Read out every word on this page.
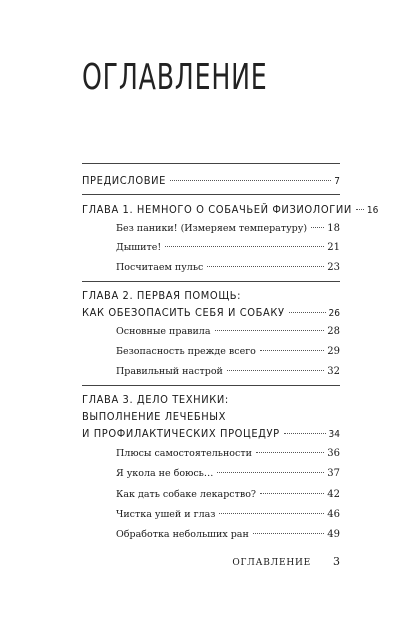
ОГЛАВЛЕНИЕ
ПРЕДИСЛОВИЕ	7
ГЛАВА 1. НЕМНОГО О СОБАЧЬЕЙ ФИЗИОЛОГИИ 16
Без паники! (Измеряем температуру) 18
Дышите!	21
Посчитаем пульс	23
ГЛАВА 2. ПЕРВАЯ ПОМОЩЬ:
КАК ОБЕЗОПАСИТЬ СЕБЯ И СОБАКУ	26
Основные правила	28
Безопасность прежде всего	29
Правильный настрой	32
ГЛАВА 3. ДЕЛО ТЕХНИКИ:
ВЫПОЛНЕНИЕ ЛЕЧЕБНЫХ
И ПРОФИЛАКТИЧЕСКИХ ПРОЦЕДУР	34
Плюсы самостоятельности	36
Я укола не боюсь…	37
Как дать собаке лекарство?	42
Чистка ушей и глаз	46
Обработка небольших ран	49
ОГЛАВЛЕНИЕ 3
